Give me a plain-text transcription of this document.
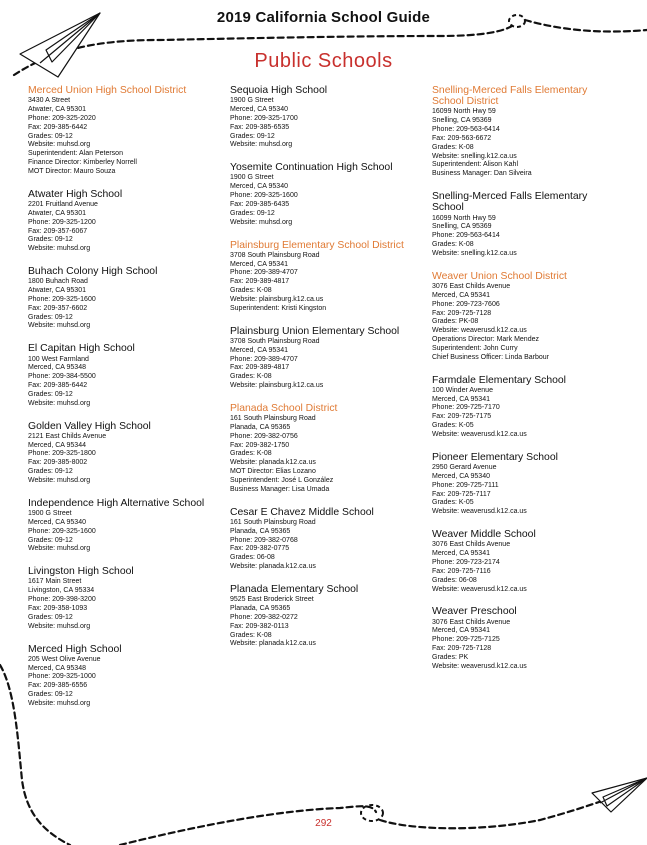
2019 California School Guide
Public Schools
Merced Union High School District
3430 A Street
Atwater, CA 95301
Phone: 209-325-2020
Fax: 209-385-6442
Grades: 09-12
Website: muhsd.org
Superintendent: Alan Peterson
Finance Director: Kimberley Norrell
MOT Director: Mauro Souza
Atwater High School
2201 Fruitland Avenue
Atwater, CA 95301
Phone: 209-325-1200
Fax: 209-357-6067
Grades: 09-12
Website: muhsd.org
Buhach Colony High School
1800 Buhach Road
Atwater, CA 95301
Phone: 209-325-1600
Fax: 209-357-6602
Grades: 09-12
Website: muhsd.org
El Capitan High School
100 West Farmland
Merced, CA 95348
Phone: 209-384-5500
Fax: 209-385-6442
Grades: 09-12
Website: muhsd.org
Golden Valley High School
2121 East Childs Avenue
Merced, CA 95344
Phone: 209-325-1800
Fax: 209-385-8002
Grades: 09-12
Website: muhsd.org
Independence High Alternative School
1900 G Street
Merced, CA 95340
Phone: 209-325-1600
Grades: 09-12
Website: muhsd.org
Livingston High School
1617 Main Street
Livingston, CA 95334
Phone: 209-398-3200
Fax: 209-358-1093
Grades: 09-12
Website: muhsd.org
Merced High School
205 West Olive Avenue
Merced, CA 95348
Phone: 209-325-1000
Fax: 209-385-6556
Grades: 09-12
Website: muhsd.org
Sequoia High School
1900 G Street
Merced, CA 95340
Phone: 209-325-1700
Fax: 209-385-6535
Grades: 09-12
Website: muhsd.org
Yosemite Continuation High School
1900 G Street
Merced, CA 95340
Phone: 209-325-1600
Fax: 209-385-6435
Grades: 09-12
Website: muhsd.org
Plainsburg Elementary School District
3708 South Plainsburg Road
Merced, CA 95341
Phone: 209-389-4707
Fax: 209-389-4817
Grades: K-08
Website: plainsburg.k12.ca.us
Superintendent: Kristi Kingston
Plainsburg Union Elementary School
3708 South Plainsburg Road
Merced, CA 95341
Phone: 209-389-4707
Fax: 209-389-4817
Grades: K-08
Website: plainsburg.k12.ca.us
Planada School District
161 South Plainsburg Road
Planada, CA 95365
Phone: 209-382-0756
Fax: 209-382-1750
Grades: K-08
Website: planada.k12.ca.us
MOT Director: Elias Lozano
Superintendent: José L González
Business Manager: Lisa Umada
Cesar E Chavez Middle School
161 South Plainsburg Road
Planada, CA 95365
Phone: 209-382-0768
Fax: 209-382-0775
Grades: 06-08
Website: planada.k12.ca.us
Planada Elementary School
9525 East Broderick Street
Planada, CA 95365
Phone: 209-382-0272
Fax: 209-382-0113
Grades: K-08
Website: planada.k12.ca.us
Snelling-Merced Falls Elementary School District
16099 North Hwy 59
Snelling, CA 95369
Phone: 209-563-6414
Fax: 209-563-6672
Grades: K-08
Website: snelling.k12.ca.us
Superintendent: Alison Kahl
Business Manager: Dan Silveira
Snelling-Merced Falls Elementary School
16099 North Hwy 59
Snelling, CA 95369
Phone: 209-563-6414
Grades: K-08
Website: snelling.k12.ca.us
Weaver Union School District
3076 East Childs Avenue
Merced, CA 95341
Phone: 209-723-7606
Fax: 209-725-7128
Grades: PK-08
Website: weaverusd.k12.ca.us
Operations Director: Mark Mendez
Superintendent: John Curry
Chief Business Officer: Linda Barbour
Farmdale Elementary School
100 Winder Avenue
Merced, CA 95341
Phone: 209-725-7170
Fax: 209-725-7175
Grades: K-05
Website: weaverusd.k12.ca.us
Pioneer Elementary School
2950 Gerard Avenue
Merced, CA 95340
Phone: 209-725-7111
Fax: 209-725-7117
Grades: K-05
Website: weaverusd.k12.ca.us
Weaver Middle School
3076 East Childs Avenue
Merced, CA 95341
Phone: 209-723-2174
Fax: 209-725-7116
Grades: 06-08
Website: weaverusd.k12.ca.us
Weaver Preschool
3076 East Childs Avenue
Merced, CA 95341
Phone: 209-725-7125
Fax: 209-725-7128
Grades: PK
Website: weaverusd.k12.ca.us
292
